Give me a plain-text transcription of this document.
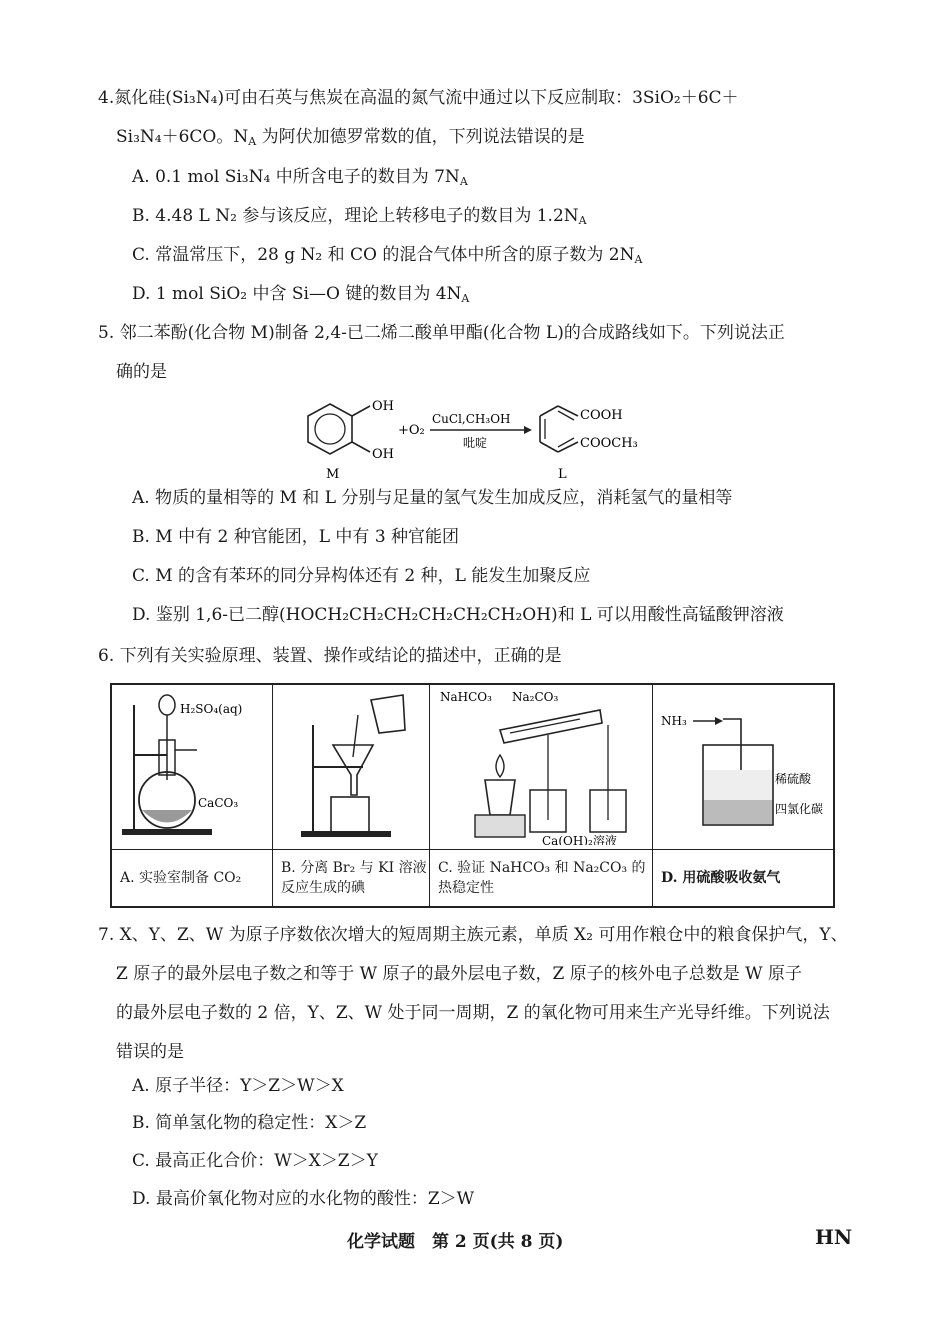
4.氮化硅(Si₃N₄)可由石英与焦炭在高温的氮气流中通过以下反应制取：3SiO₂＋6C＋
Si₃N₄＋6CO。$N_A$ 为阿伏加德罗常数的值，下列说法错误的是
A. 0.1 mol Si₃N₄ 中所含电子的数目为 $7N_A$
B. 4.48 L N₂ 参与该反应，理论上转移电子的数目为 $1.2N_A$
C. 常温常压下，28 g N₂ 和 CO 的混合气体中所含的原子数为 $2N_A$
D. 1 mol SiO₂ 中含 Si—O 键的数目为 $4N_A$
5. 邻二苯酚(化合物 M)制备 2,4-已二烯二酸单甲酯(化合物 L)的合成路线如下。下列说法正
确的是
OH
OH
M
+O₂
CuCl,CH₃OH
吡啶
COOH
COOCH₃
L
A. 物质的量相等的 M 和 L 分别与足量的氢气发生加成反应，消耗氢气的量相等
B. M 中有 2 种官能团，L 中有 3 种官能团
C. M 的含有苯环的同分异构体还有 2 种，L 能发生加聚反应
D. 鉴别 1,6-已二醇(HOCH₂CH₂CH₂CH₂CH₂CH₂OH)和 L 可以用酸性高锰酸钾溶液
6. 下列有关实验原理、装置、操作或结论的描述中，正确的是
H₂SO₄(aq)
CaCO₃		NaHCO₃ Na₂CO₃
Ca(OH)₂溶液	NH₃
稀硫酸
四氯化碳

A. 实验室制备 CO₂	B. 分离 Br₂ 与 KI 溶液反应生成的碘	C. 验证 NaHCO₃ 和 Na₂CO₃ 的热稳定性	D. 用硫酸吸收氨气
7. X、Y、Z、W 为原子序数依次增大的短周期主族元素，单质 X₂ 可用作粮仓中的粮食保护气，Y、
Z 原子的最外层电子数之和等于 W 原子的最外层电子数，Z 原子的核外电子总数是 W 原子
的最外层电子数的 2 倍，Y、Z、W 处于同一周期，Z 的氧化物可用来生产光导纤维。下列说法
错误的是
A. 原子半径：Y＞Z＞W＞X
B. 简单氢化物的稳定性：X＞Z
C. 最高正化合价：W＞X＞Z＞Y
D. 最高价氧化物对应的水化物的酸性：Z＞W
化学试题　第 2 页(共 8 页)	HN
